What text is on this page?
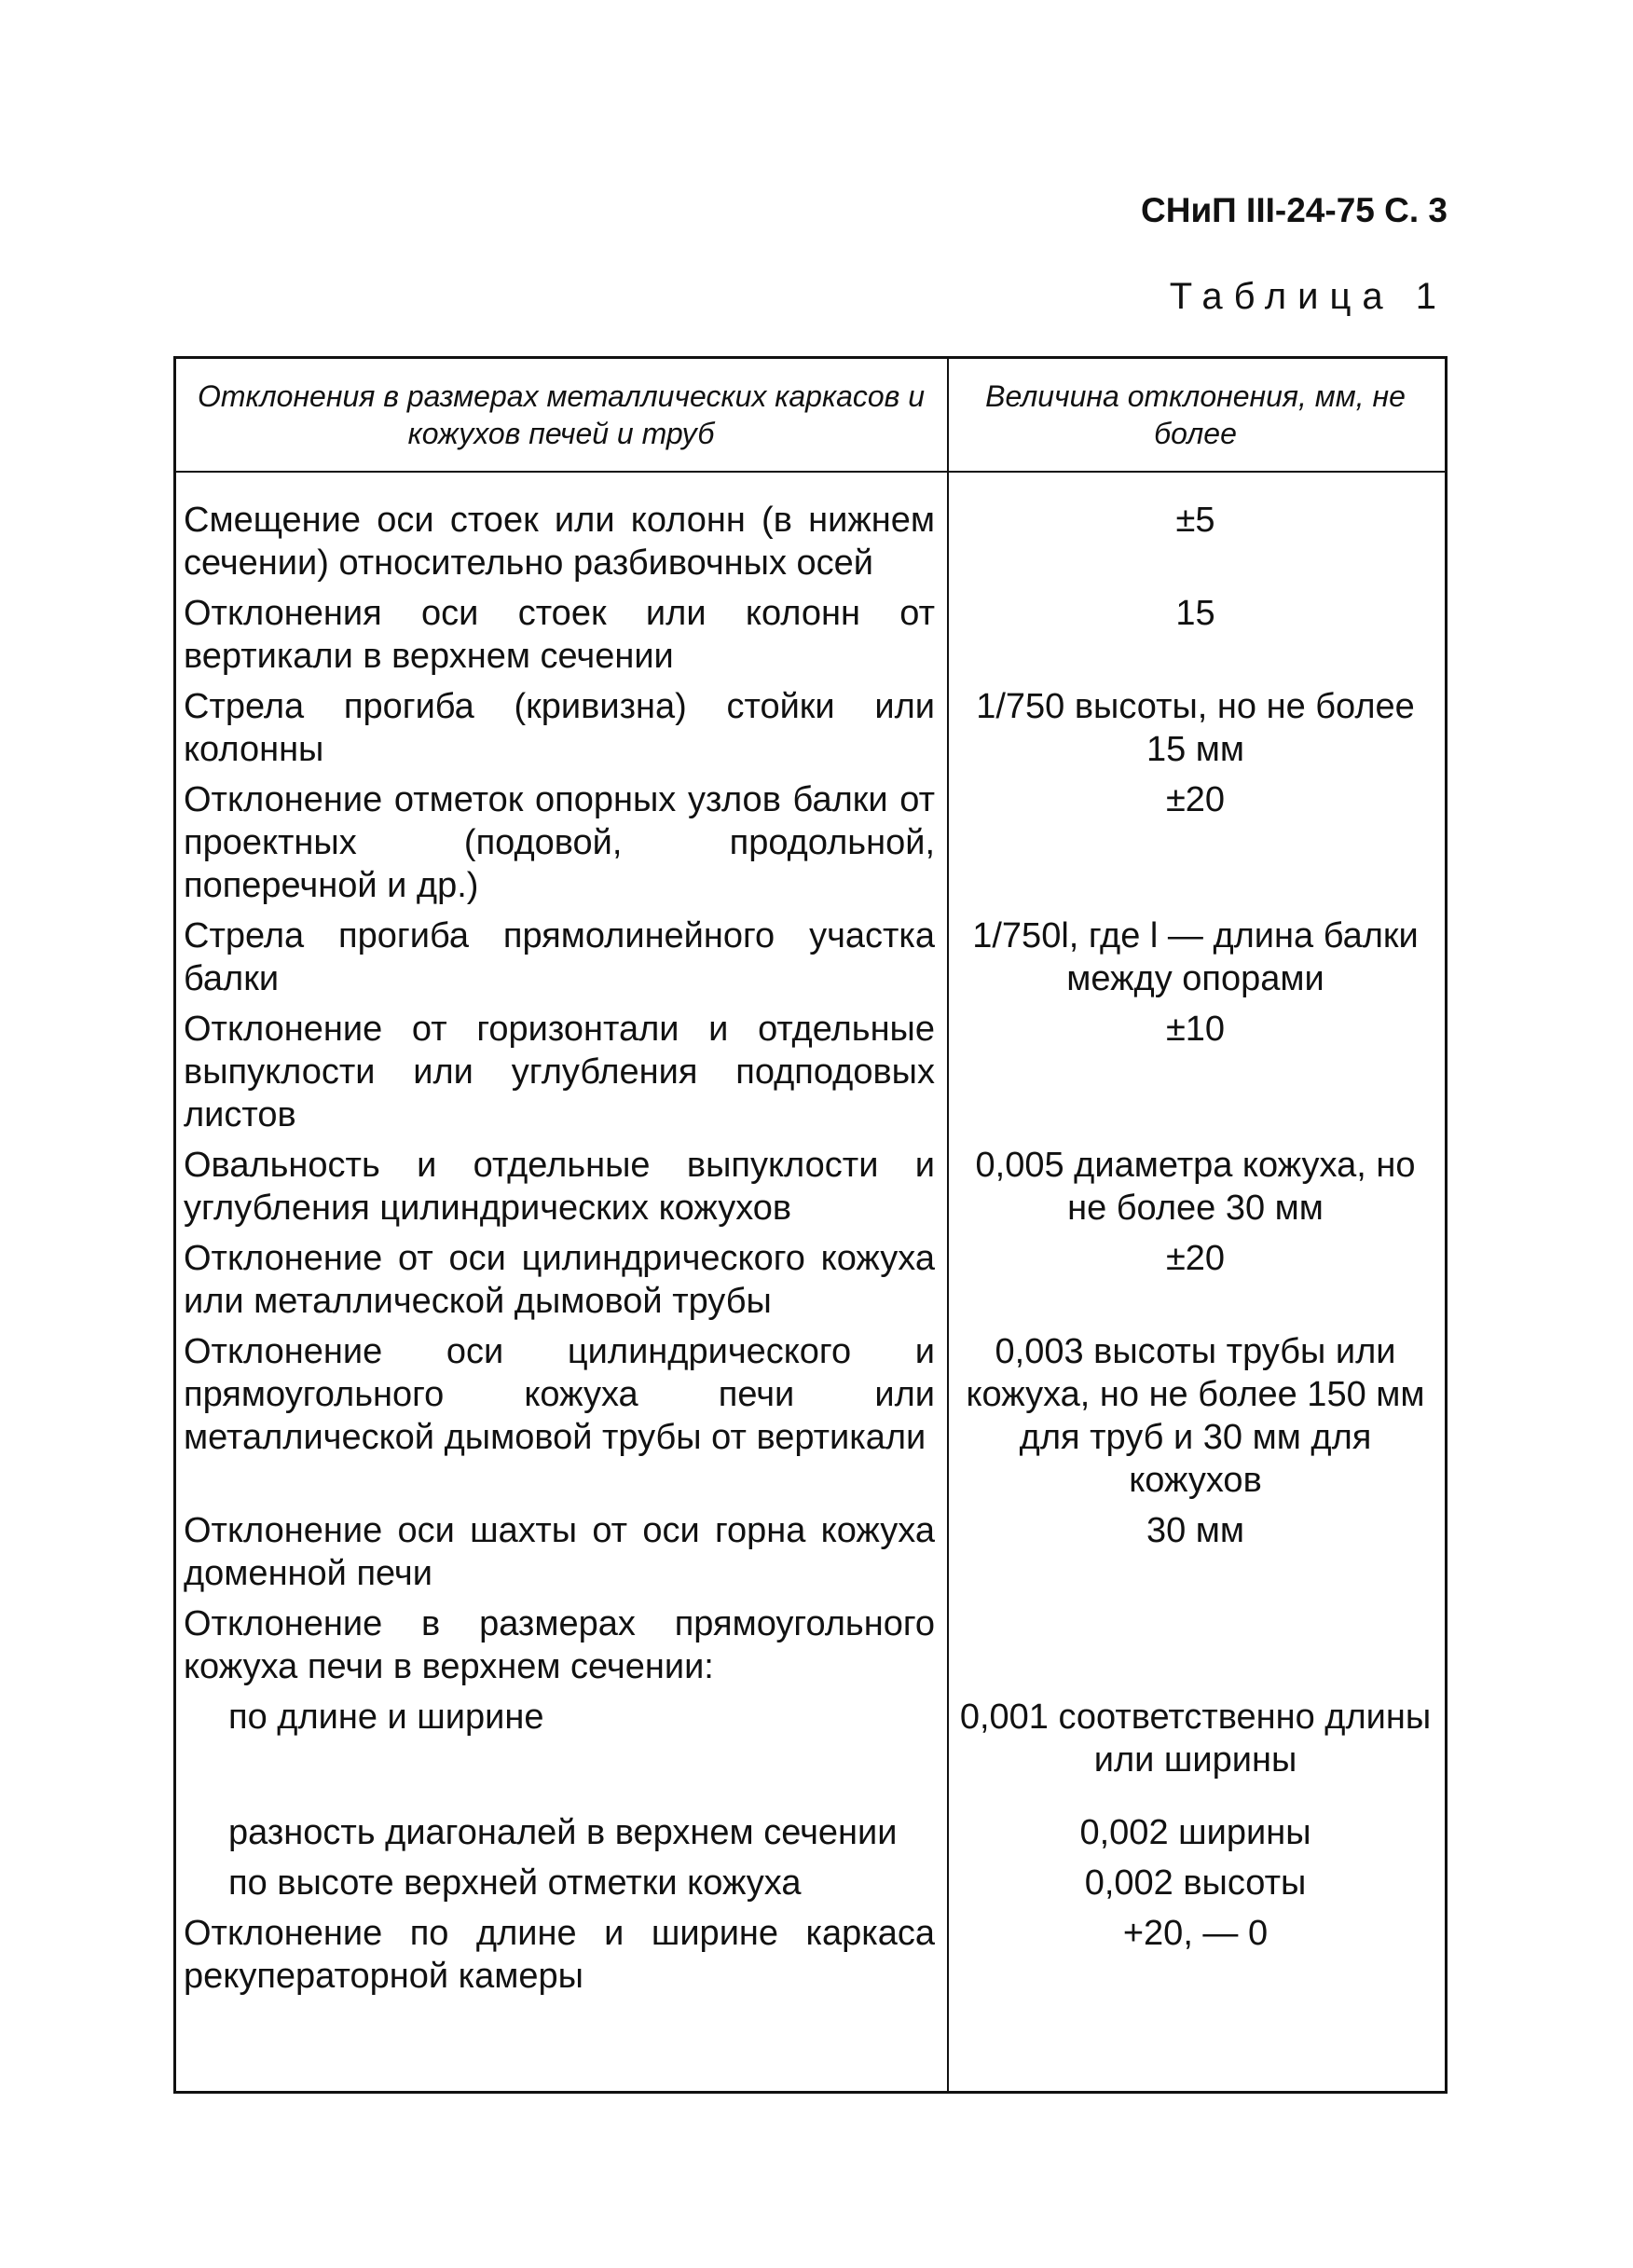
СНиП III-24-75 С. 3
Таблица 1
Отклонения в размерах металлических каркасов и кожухов печей и труб	Величина отклонения, мм, не более
Смещение оси стоек или колонн (в нижнем сечении) относительно разбивочных осей	±5
Отклонения оси стоек или колонн от вертикали в верхнем сечении	15
Стрела прогиба (кривизна) стойки или колонны	1/750 высоты, но не более 15 мм
Отклонение отметок опорных узлов балки от проектных (подовой, продольной, поперечной и др.)	±20
Стрела прогиба прямолинейного участка балки	1/750l, где l — длина балки между опорами
Отклонение от горизонтали и отдельные выпуклости или углубления подподовых листов	±10
Овальность и отдельные выпуклости и углубления цилиндрических кожухов	0,005 диаметра кожуха, но не более 30 мм
Отклонение от оси цилиндрического кожуха или металлической дымовой трубы	±20
Отклонение оси цилиндрического и прямоугольного кожуха печи или металлической дымовой трубы от вертикали	0,003 высоты трубы или кожуха, но не более 150 мм для труб и 30 мм для кожухов
Отклонение оси шахты от оси горна кожуха доменной печи	30 мм
Отклонение в размерах прямоугольного кожуха печи в верхнем сечении:	
по длине и ширине	0,001 соответственно длины или ширины
разность диагоналей в верхнем сечении	0,002 ширины
по высоте верхней отметки кожуха	0,002 высоты
Отклонение по длине и ширине каркаса рекуператорной камеры	+20, — 0
